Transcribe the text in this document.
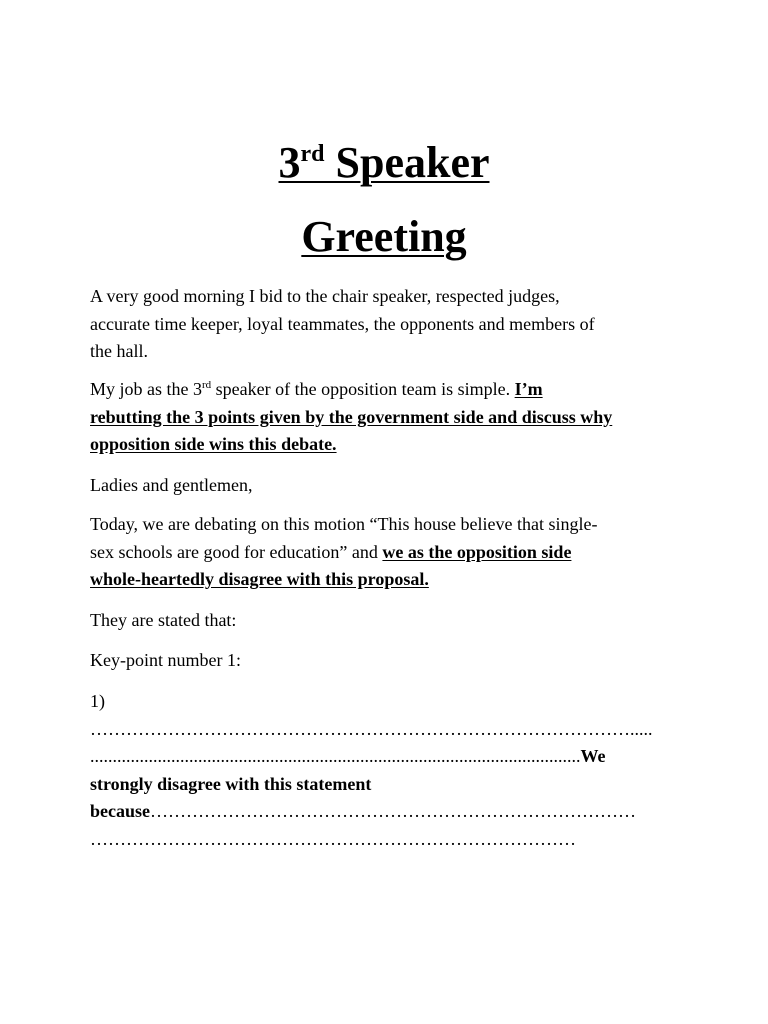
3rd Speaker
Greeting
A very good morning I bid to the chair speaker, respected judges,
accurate time keeper, loyal teammates, the opponents and members of
the hall.
My job as the 3rd speaker of the opposition team is simple. I’m
rebutting the 3 points given by the government side and discuss why
opposition side wins this debate.
Ladies and gentlemen,
Today, we are debating on this motion “This house believe that single-
sex schools are good for education” and we as the opposition side
whole-heartedly disagree with this proposal.
They are stated that:
Key-point number 1:
1)
……………………………………………………………………………….....
.............................................................................................................We
strongly disagree with this statement
because………………………………………………………………………
………………………………………………………………………
